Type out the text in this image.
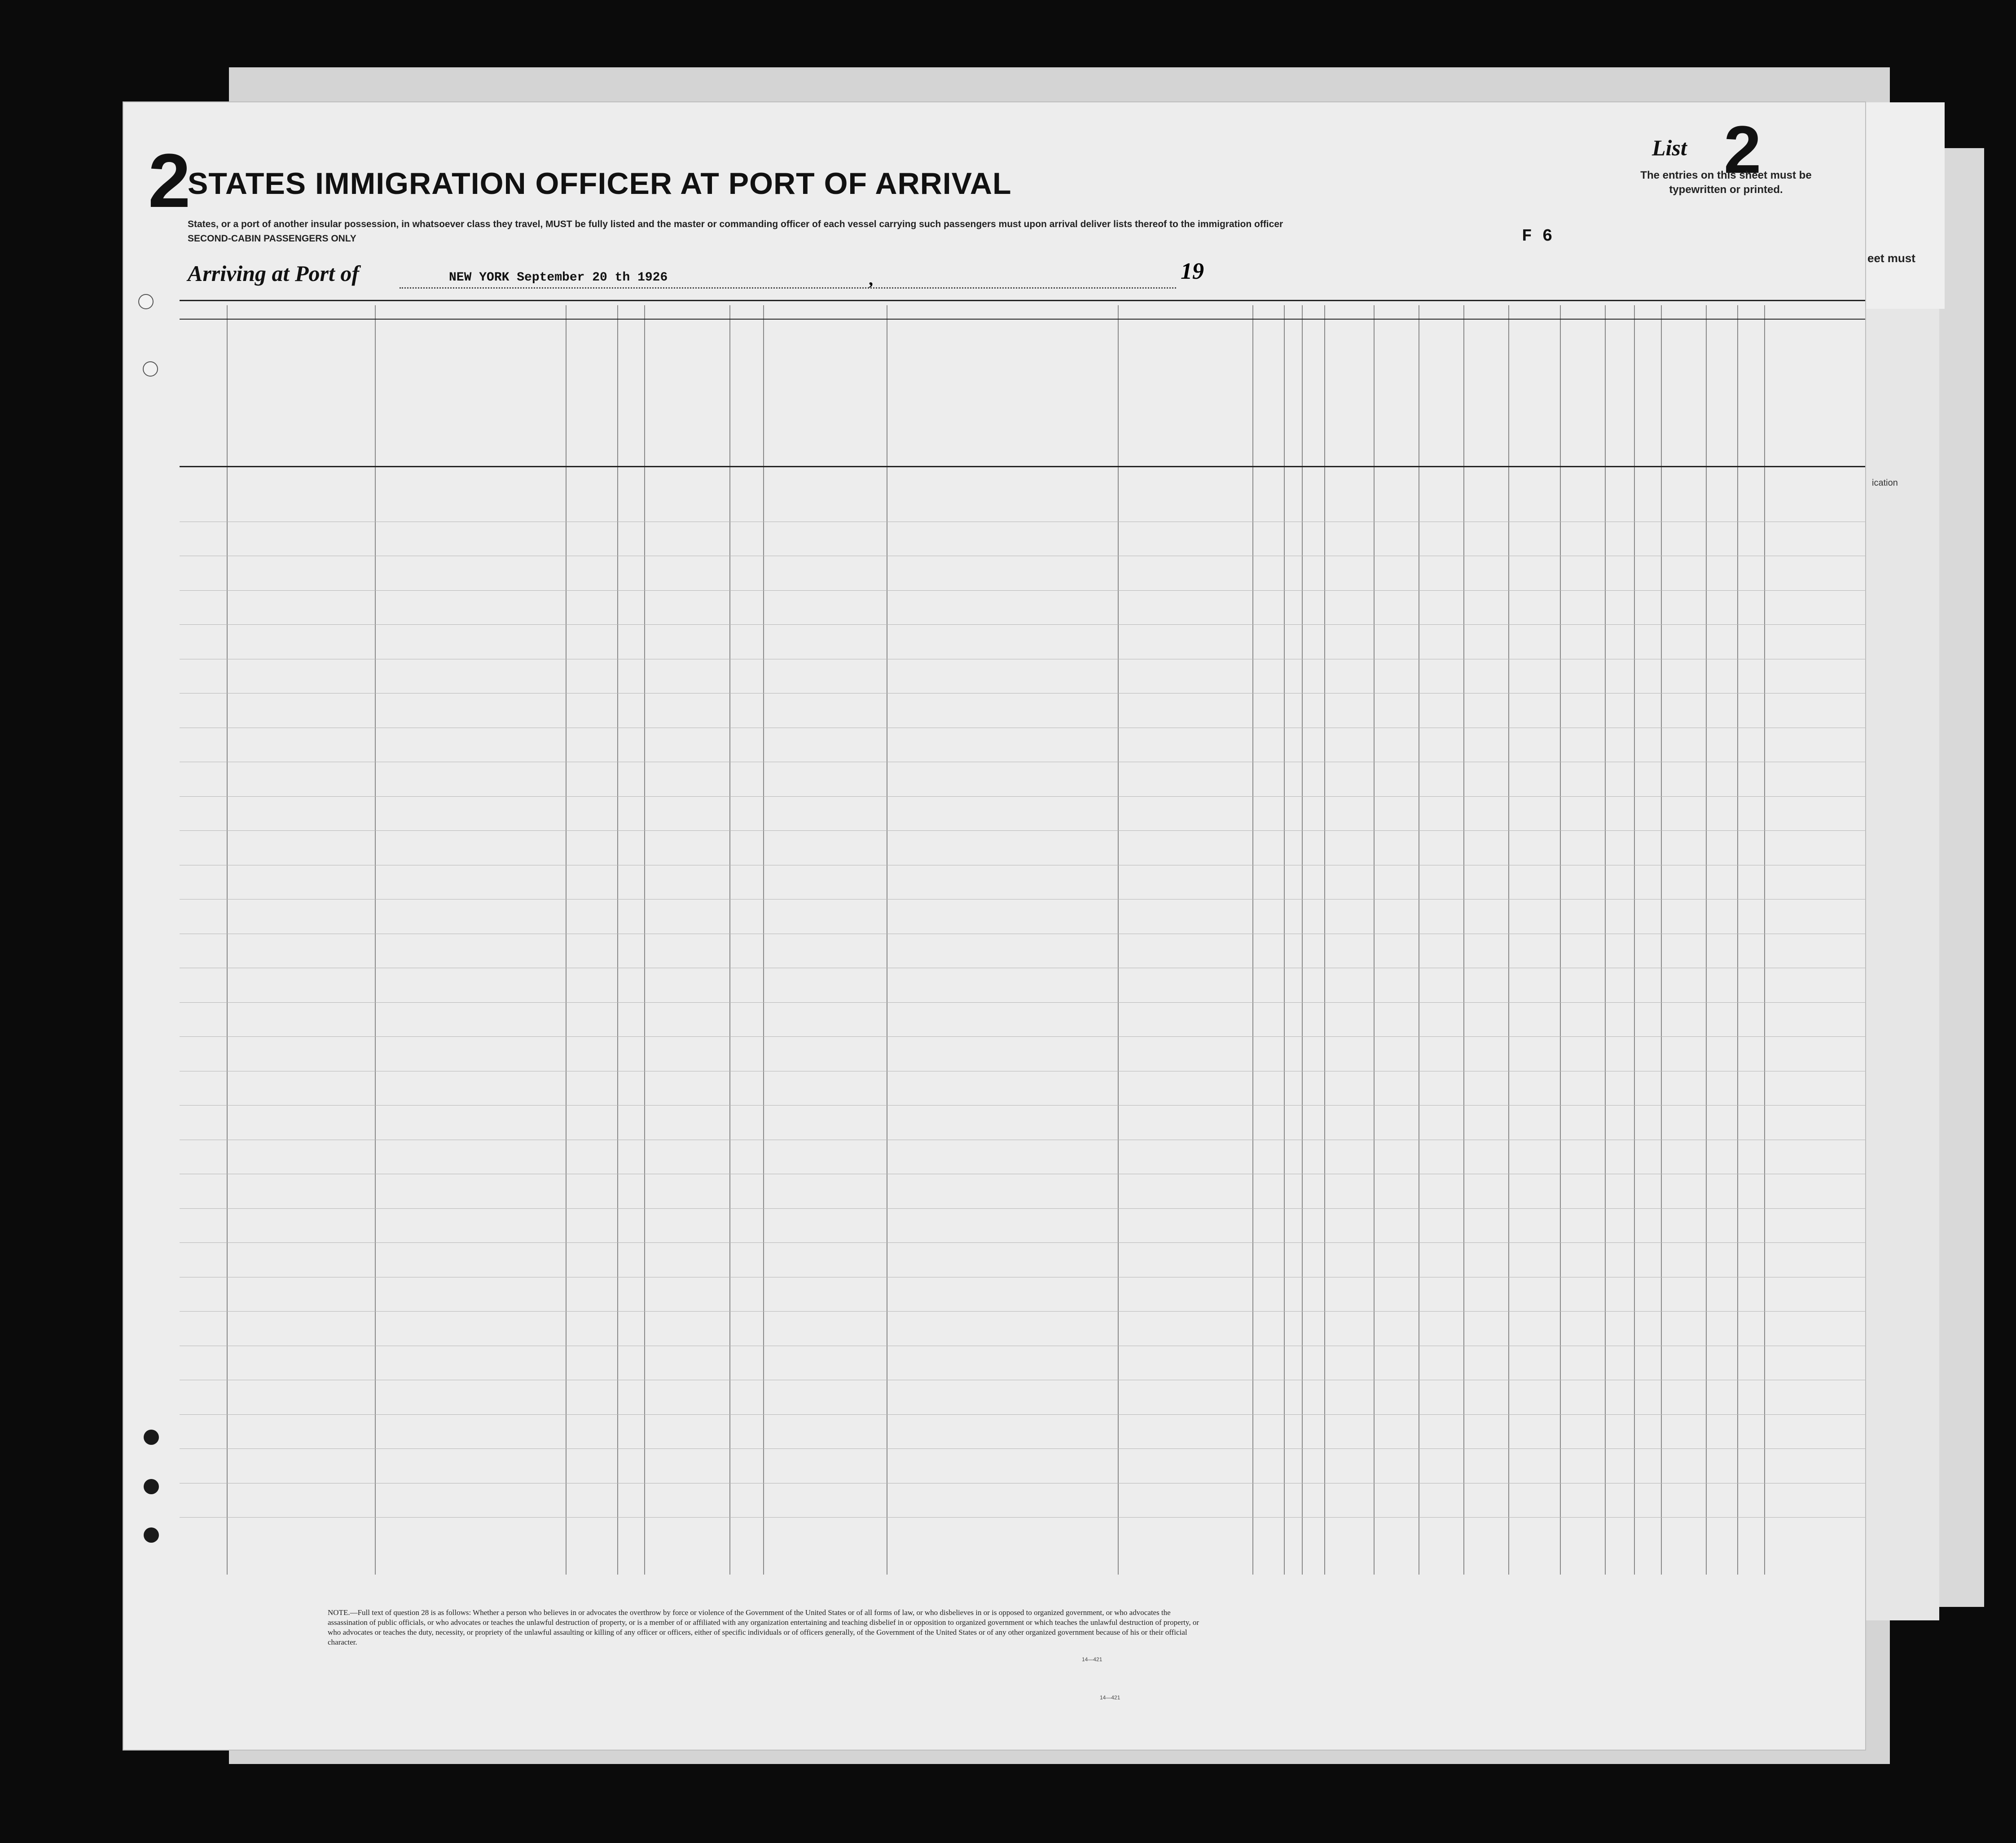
eet must
ication
2
STATES IMMIGRATION OFFICER AT PORT OF ARRIVAL
States, or a port of another insular possession, in whatsoever class they travel, MUST be fully listed and the master or commanding officer of each vessel carrying such passengers must upon arrival deliver lists thereof to the immigration officer
SECOND-CABIN PASSENGERS ONLY
Arriving at Port of	NEW YORK September 20 th 1926	,	19
List 2
The entries on this sheet must be typewritten or printed.
F 6
NOTE.—Full text of question 28 is as follows: Whether a person who believes in or advocates the overthrow by force or violence of the Government of the United States or of all forms of law, or who disbelieves in or is opposed to organized government, or who advocates the assassination of public officials, or who advocates or teaches the unlawful destruction of property, or is a member of or affiliated with any organization entertaining and teaching disbelief in or opposition to organized government or which teaches the unlawful destruction of property, or who advocates or teaches the duty, necessity, or propriety of the unlawful assaulting or killing of any officer or officers, either of specific individuals or of officers generally, of the Government of the United States or of any other organized government because of his or their official character.
14—421
14—421
